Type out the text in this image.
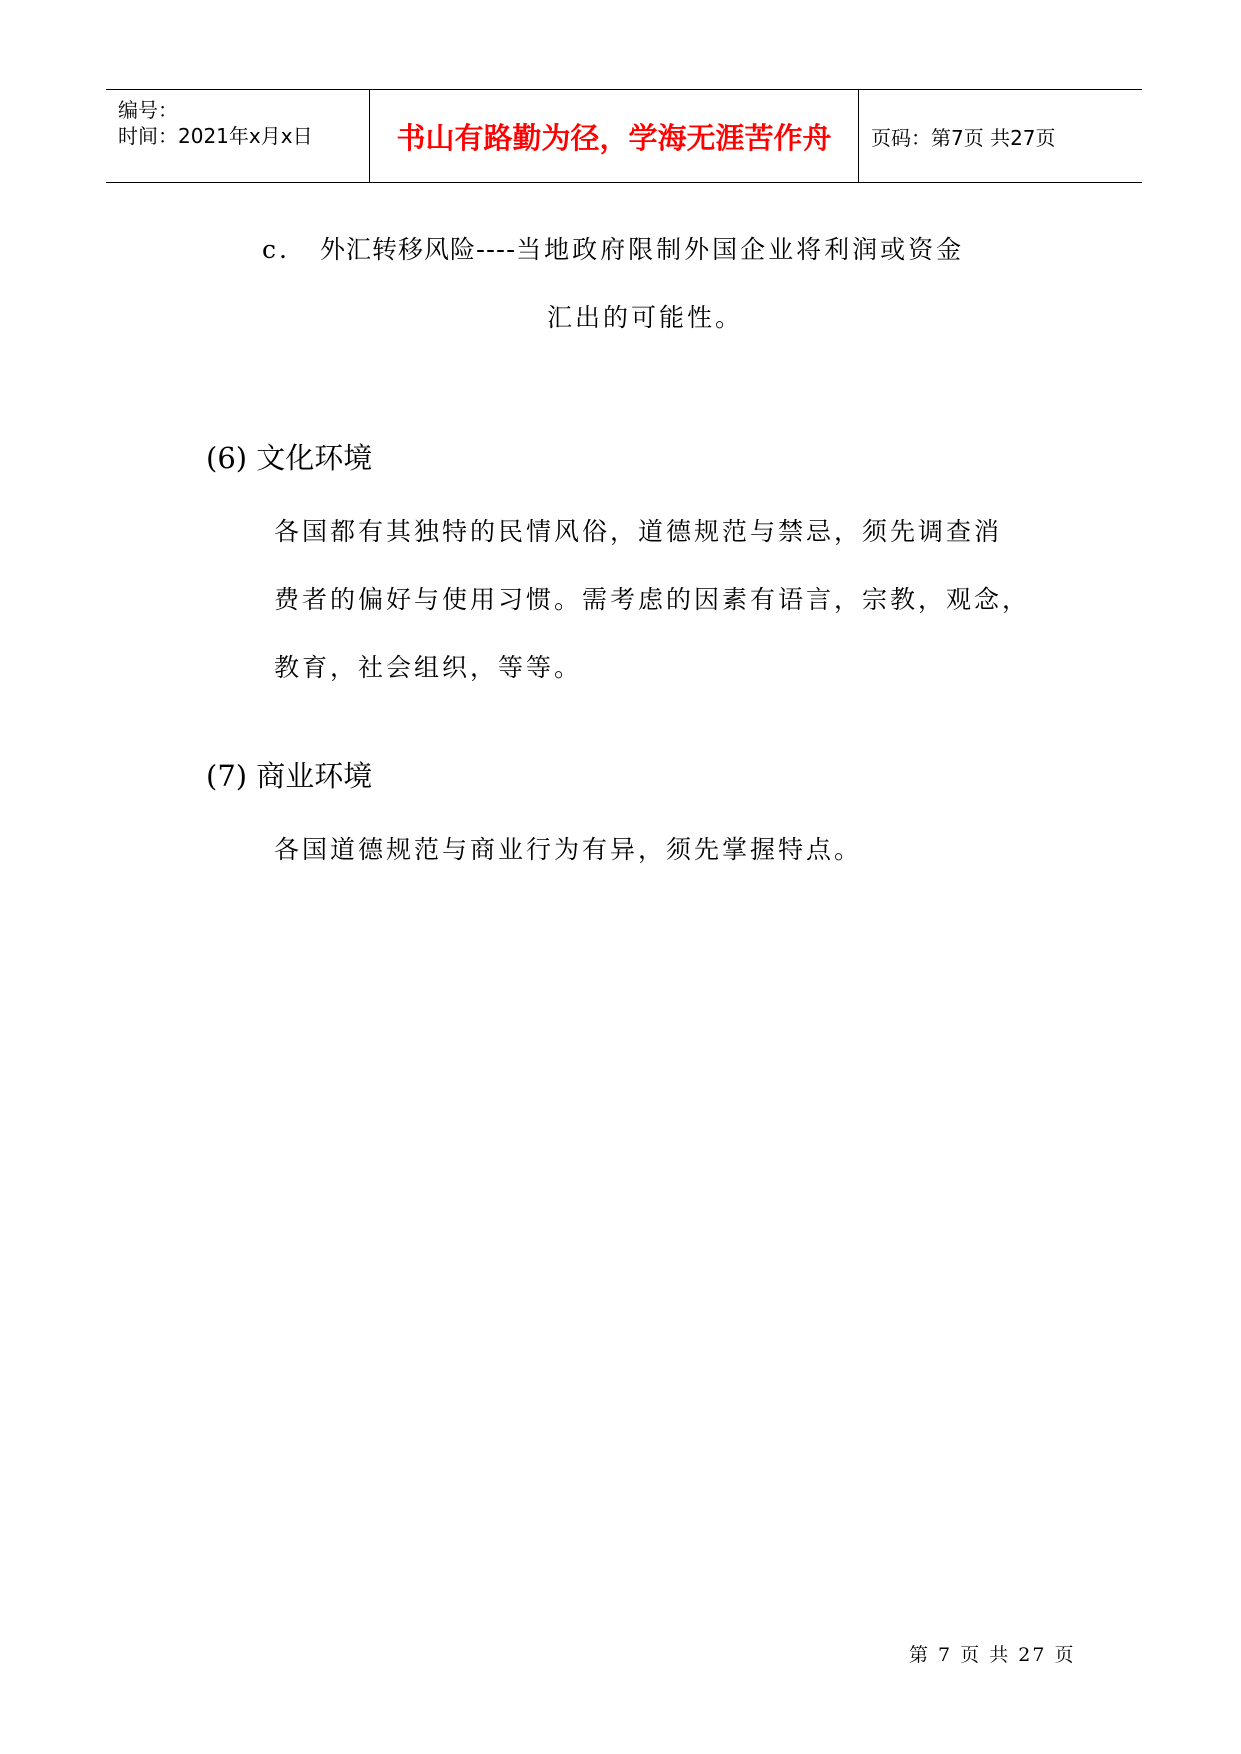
编号：
时间：2021年x月x日	书山有路勤为径，学海无涯苦作舟	页码：第7页 共27页
c. 外汇转移风险----当地政府限制外国企业将利润或资金
汇出的可能性。
(6) 文化环境
各国都有其独特的民情风俗，道德规范与禁忌，须先调查消
费者的偏好与使用习惯。需考虑的因素有语言，宗教，观念，
教育，社会组织，等等。
(7) 商业环境
各国道德规范与商业行为有异，须先掌握特点。
第 7 页 共 27 页
